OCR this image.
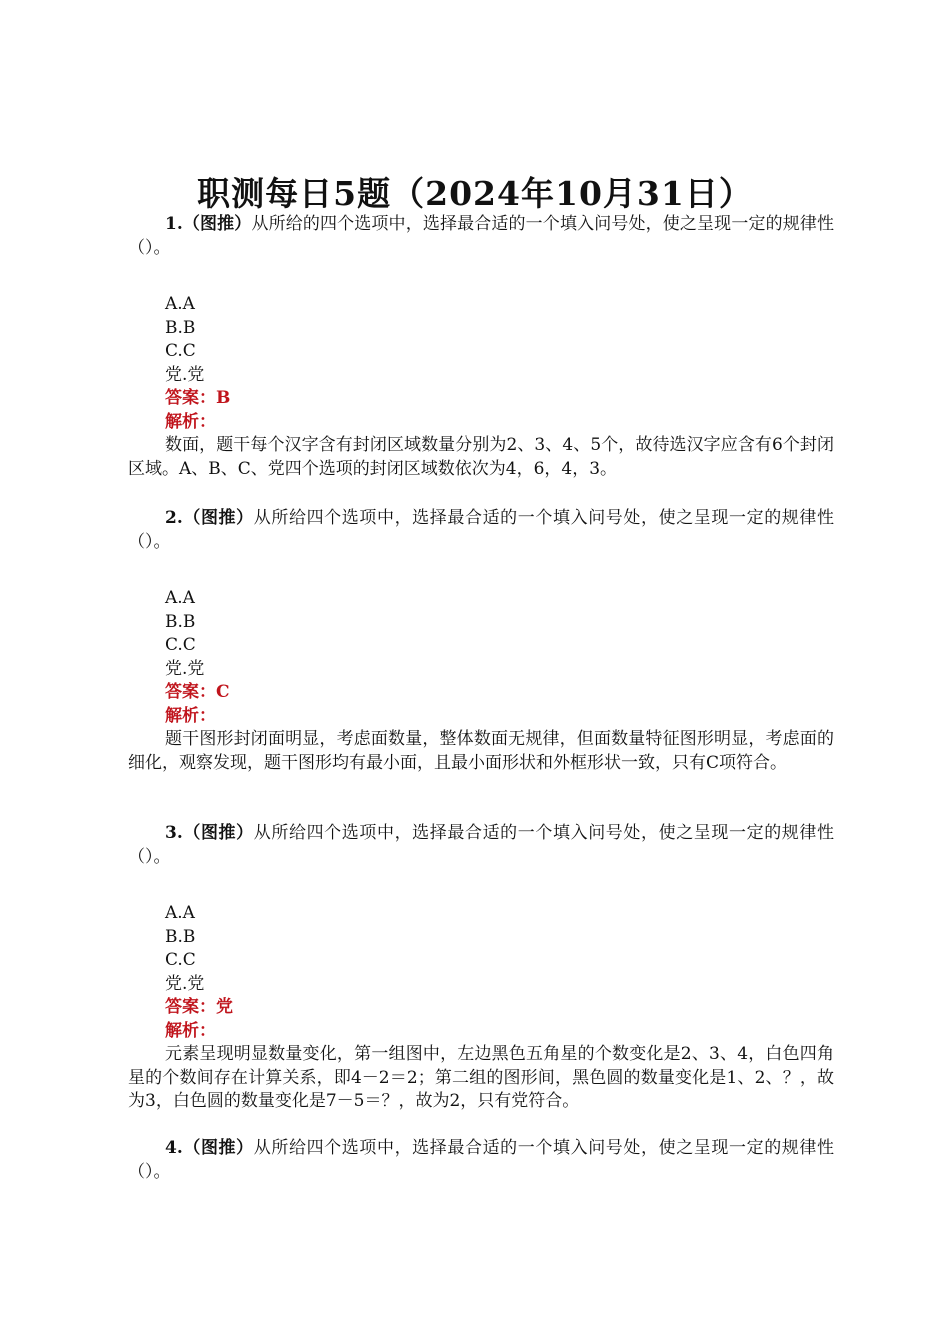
职测每日5题（2024年10月31日）
1.（图推）从所给的四个选项中，选择最合适的一个填入问号处，使之呈现一定的规律性（）。
A.A
B.B
C.C
党.党
答案：B
解析：
数面，题干每个汉字含有封闭区域数量分别为2、3、4、5个，故待选汉字应含有6个封闭区域。A、B、C、党四个选项的封闭区域数依次为4，6，4，3。
2.（图推）从所给四个选项中，选择最合适的一个填入问号处，使之呈现一定的规律性（）。
A.A
B.B
C.C
党.党
答案：C
解析：
题干图形封闭面明显，考虑面数量，整体数面无规律，但面数量特征图形明显，考虑面的细化，观察发现，题干图形均有最小面，且最小面形状和外框形状一致，只有C项符合。
3.（图推）从所给四个选项中，选择最合适的一个填入问号处，使之呈现一定的规律性（）。
A.A
B.B
C.C
党.党
答案：党
解析：
元素呈现明显数量变化，第一组图中，左边黑色五角星的个数变化是2、3、4，白色四角星的个数间存在计算关系，即4－2＝2；第二组的图形间，黑色圆的数量变化是1、2、？，故为3，白色圆的数量变化是7－5＝？，故为2，只有党符合。
4.（图推）从所给四个选项中，选择最合适的一个填入问号处，使之呈现一定的规律性（）。
